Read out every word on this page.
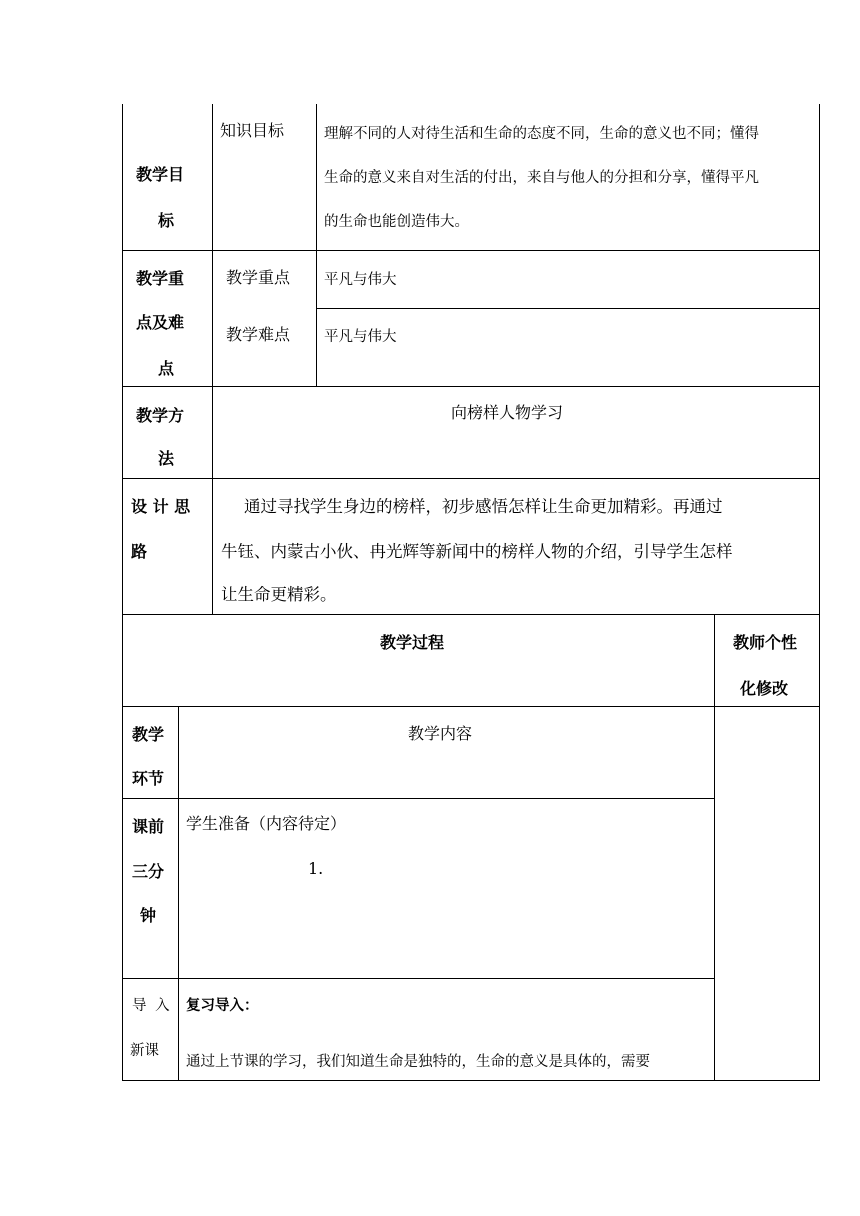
教学目
标
知识目标	理解不同的人对待生活和生命的态度不同，生命的意义也不同；懂得
生命的意义来自对生活的付出，来自与他人的分担和分享，懂得平凡
的生命也能创造伟大。
教学重
点及难
点
教学重点 平凡与伟大
教学难点 平凡与伟大
教学方
法
向榜样人物学习
设 计 思
路
通过寻找学生身边的榜样，初步感悟怎样让生命更加精彩。再通过
牛钰、内蒙古小伙、冉光辉等新闻中的榜样人物的介绍，引导学生怎样
让生命更精彩。
教学过程	教师个性
化修改
教学
环节
教学内容
课前
三分
钟
学生准备（内容待定）
1.
导 入
新课
复习导入：
通过上节课的学习，我们知道生命是独特的，生命的意义是具体的，需要
